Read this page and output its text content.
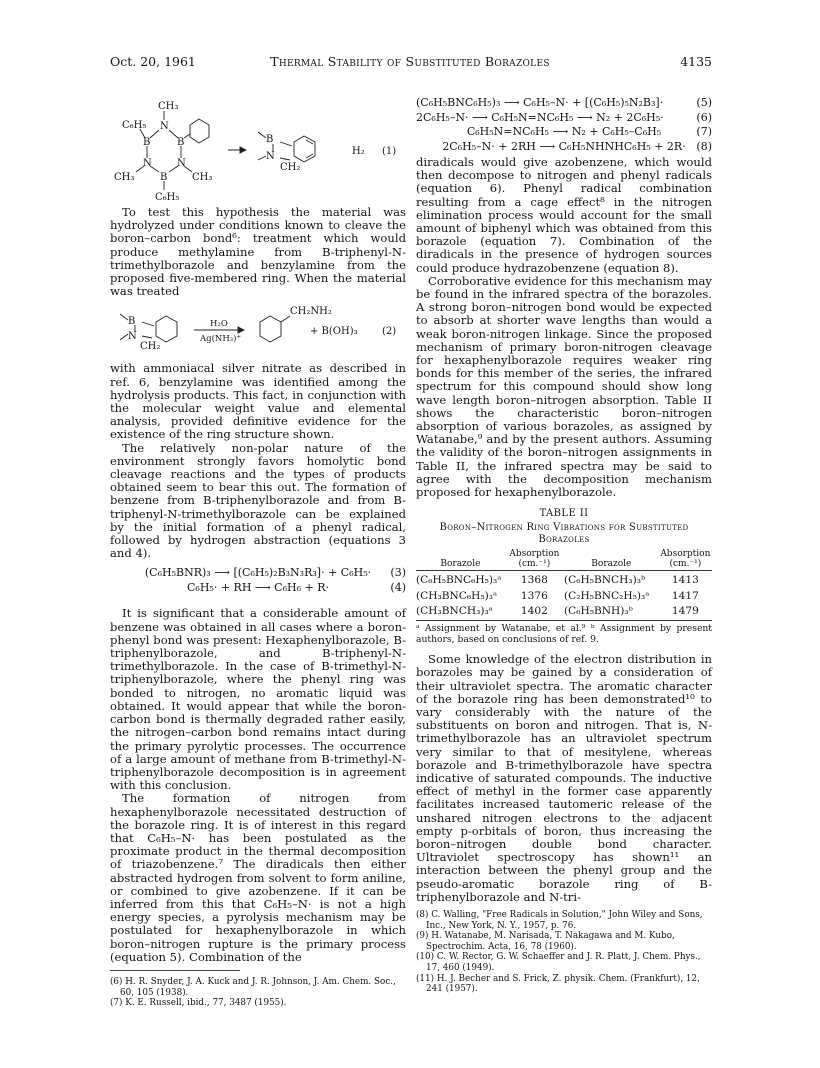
Oct. 20, 1961	Thermal Stability of Substituted Borazoles	4135
CH₃
C₆H₅ N
B	B
N	N
B
CH₃	CH₃
C₆H₅
B
N
CH₂
H₂ (1)

To test this hypothesis the material was hydrolyzed under conditions known to cleave the boron–carbon bond⁶: treatment which would produce methylamine from B-triphenyl-N-trimethylborazole and benzylamine from the proposed five-membered ring. When the material was treated

B
N
CH₂
H₂O
Ag(NH₃)⁺
CH₂NH₂
+ B(OH)₃ (2)

with ammoniacal silver nitrate as described in ref. 6, benzylamine was identified among the hydrolysis products. This fact, in conjunction with the molecular weight value and elemental analysis, provided definitive evidence for the existence of the ring structure shown.

The relatively non-polar nature of the environment strongly favors homolytic bond cleavage reactions and the types of products obtained seem to bear this out. The formation of benzene from B-triphenylborazole and from B-triphenyl-N-trimethylborazole can be explained by the initial formation of a phenyl radical, followed by hydrogen abstraction (equations 3 and 4).

(C₆H₅BNR)₃ ⟶ [(C₆H₅)₂B₃N₃R₃]· + C₆H₅· (3)
C₆H₅· + RH ⟶ C₆H₆ + R·	(4)

It is significant that a considerable amount of benzene was obtained in all cases where a boron-phenyl bond was present: Hexaphenylborazole, B-triphenylborazole, and B-triphenyl-N-trimethylborazole. In the case of B-trimethyl-N-triphenylborazole, where the phenyl ring was bonded to nitrogen, no aromatic liquid was obtained. It would appear that while the boron-carbon bond is thermally degraded rather easily, the nitrogen–carbon bond remains intact during the primary pyrolytic processes. The occurrence of a large amount of methane from B-trimethyl-N-triphenylborazole decomposition is in agreement with this conclusion.

The formation of nitrogen from hexaphenylborazole necessitated destruction of the borazole ring. It is of interest in this regard that C₆H₅–N· has been postulated as the proximate product in the thermal decomposition of triazobenzene.⁷ The diradicals then either abstracted hydrogen from solvent to form aniline, or combined to give azobenzene. If it can be inferred from this that C₆H₅–N· is not a high energy species, a pyrolysis mechanism may be postulated for hexaphenylborazole in which boron–nitrogen rupture is the primary process (equation 5). Combination of the

(6) H. R. Snyder, J. A. Kuck and J. R. Johnson, J. Am. Chem. Soc., 60, 105 (1938).
(7) K. E. Russell, ibid., 77, 3487 (1955).
(C₆H₅BNC₆H₅)₃ ⟶ C₆H₅–N· + [(C₆H₅)₅N₂B₃]·	(5)
2C₆H₅–N· ⟶ C₆H₅N=NC₆H₅ ⟶ N₂ + 2C₆H₅·	(6)
C₆H₅N=NC₆H₅ ⟶ N₂ + C₆H₅–C₆H₅	(7)
2C₆H₅–N· + 2RH ⟶ C₆H₅NHNHC₆H₅ + 2R· (8)

diradicals would give azobenzene, which would then decompose to nitrogen and phenyl radicals (equation 6). Phenyl radical combination resulting from a cage effect⁸ in the nitrogen elimination process would account for the small amount of biphenyl which was obtained from this borazole (equation 7). Combination of the diradicals in the presence of hydrogen sources could produce hydrazobenzene (equation 8).

Corroborative evidence for this mechanism may be found in the infrared spectra of the borazoles. A strong boron–nitrogen bond would be expected to absorb at shorter wave lengths than would a weak boron-nitrogen linkage. Since the proposed mechanism of primary boron-nitrogen cleavage for hexaphenylborazole requires weaker ring bonds for this member of the series, the infrared spectrum for this compound should show long wave length boron–nitrogen absorption. Table II shows the characteristic boron–nitrogen absorption of various borazoles, as assigned by Watanabe,⁹ and by the present authors. Assuming the validity of the boron–nitrogen assignments in Table II, the infrared spectra may be said to agree with the decomposition mechanism proposed for hexaphenylborazole.

TABLE II
Boron–Nitrogen Ring Vibrations for Substituted Borazoles
Borazole	Absorption (cm.⁻¹)	Borazole	Absorption (cm.⁻¹)
(C₆H₅BNC₆H₅)₃ᵃ	1368	(C₆H₅BNCH₃)₃ᵇ	1413
(CH₃BNC₆H₅)₃ᵃ	1376	(C₂H₅BNC₂H₅)₃ᵃ	1417
(CH₃BNCH₃)₃ᵃ	1402	(C₆H₅BNH)₃ᵇ	1479
ᵃ Assignment by Watanabe, et al.⁹ ᵇ Assignment by present authors, based on conclusions of ref. 9.

Some knowledge of the electron distribution in borazoles may be gained by a consideration of their ultraviolet spectra. The aromatic character of the borazole ring has been demonstrated¹⁰ to vary considerably with the nature of the substituents on boron and nitrogen. That is, N-trimethylborazole has an ultraviolet spectrum very similar to that of mesitylene, whereas borazole and B-trimethylborazole have spectra indicative of saturated compounds. The inductive effect of methyl in the former case apparently facilitates increased tautomeric release of the unshared nitrogen electrons to the adjacent empty p-orbitals of boron, thus increasing the boron–nitrogen double bond character. Ultraviolet spectroscopy has shown¹¹ an interaction between the phenyl group and the pseudo-aromatic borazole ring of B-triphenylborazole and N-tri-

(8) C. Walling, "Free Radicals in Solution," John Wiley and Sons, Inc., New York, N. Y., 1957, p. 76.
(9) H. Watanabe, M. Narisada, T. Nakagawa and M. Kubo, Spectrochim. Acta, 16, 78 (1960).
(10) C. W. Rector, G. W. Schaeffer and J. R. Platt, J. Chem. Phys., 17, 460 (1949).
(11) H. J. Becher and S. Frick, Z. physik. Chem. (Frankfurt), 12, 241 (1957).
